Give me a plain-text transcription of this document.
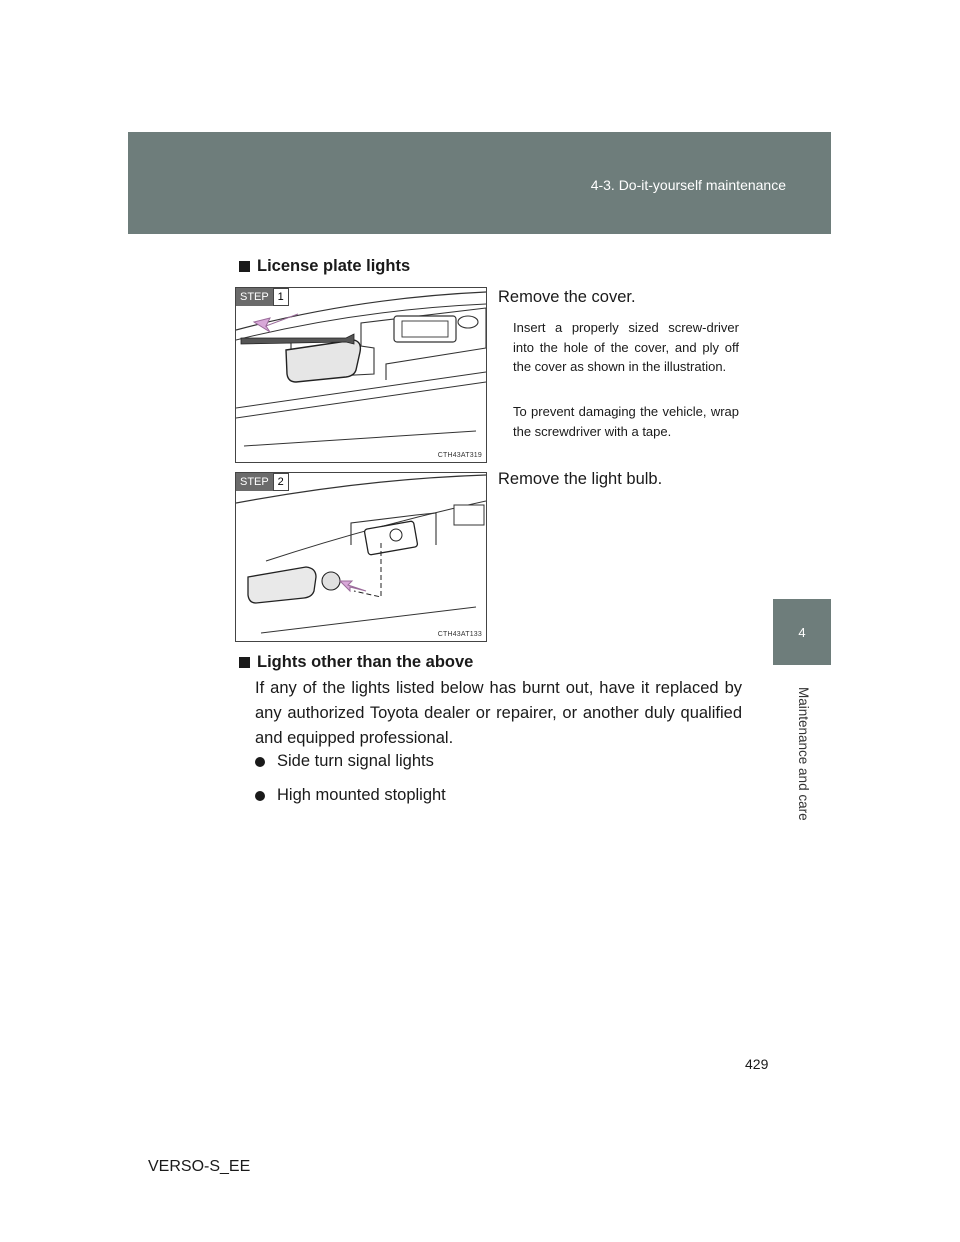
4-3. Do-it-yourself maintenance
4
Maintenance and care
License plate lights
STEP 1
CTH43AT319
Remove the cover.
Insert a properly sized screw-driver into the hole of the cover, and ply off the cover as shown in the illustration.
To prevent damaging the vehicle, wrap the screwdriver with a tape.
STEP 2
CTH43AT133
Remove the light bulb.
Lights other than the above
If any of the lights listed below has burnt out, have it replaced by any authorized Toyota dealer or repairer, or another duly qualified and equipped professional.
Side turn signal lights
High mounted stoplight
429
VERSO-S_EE
